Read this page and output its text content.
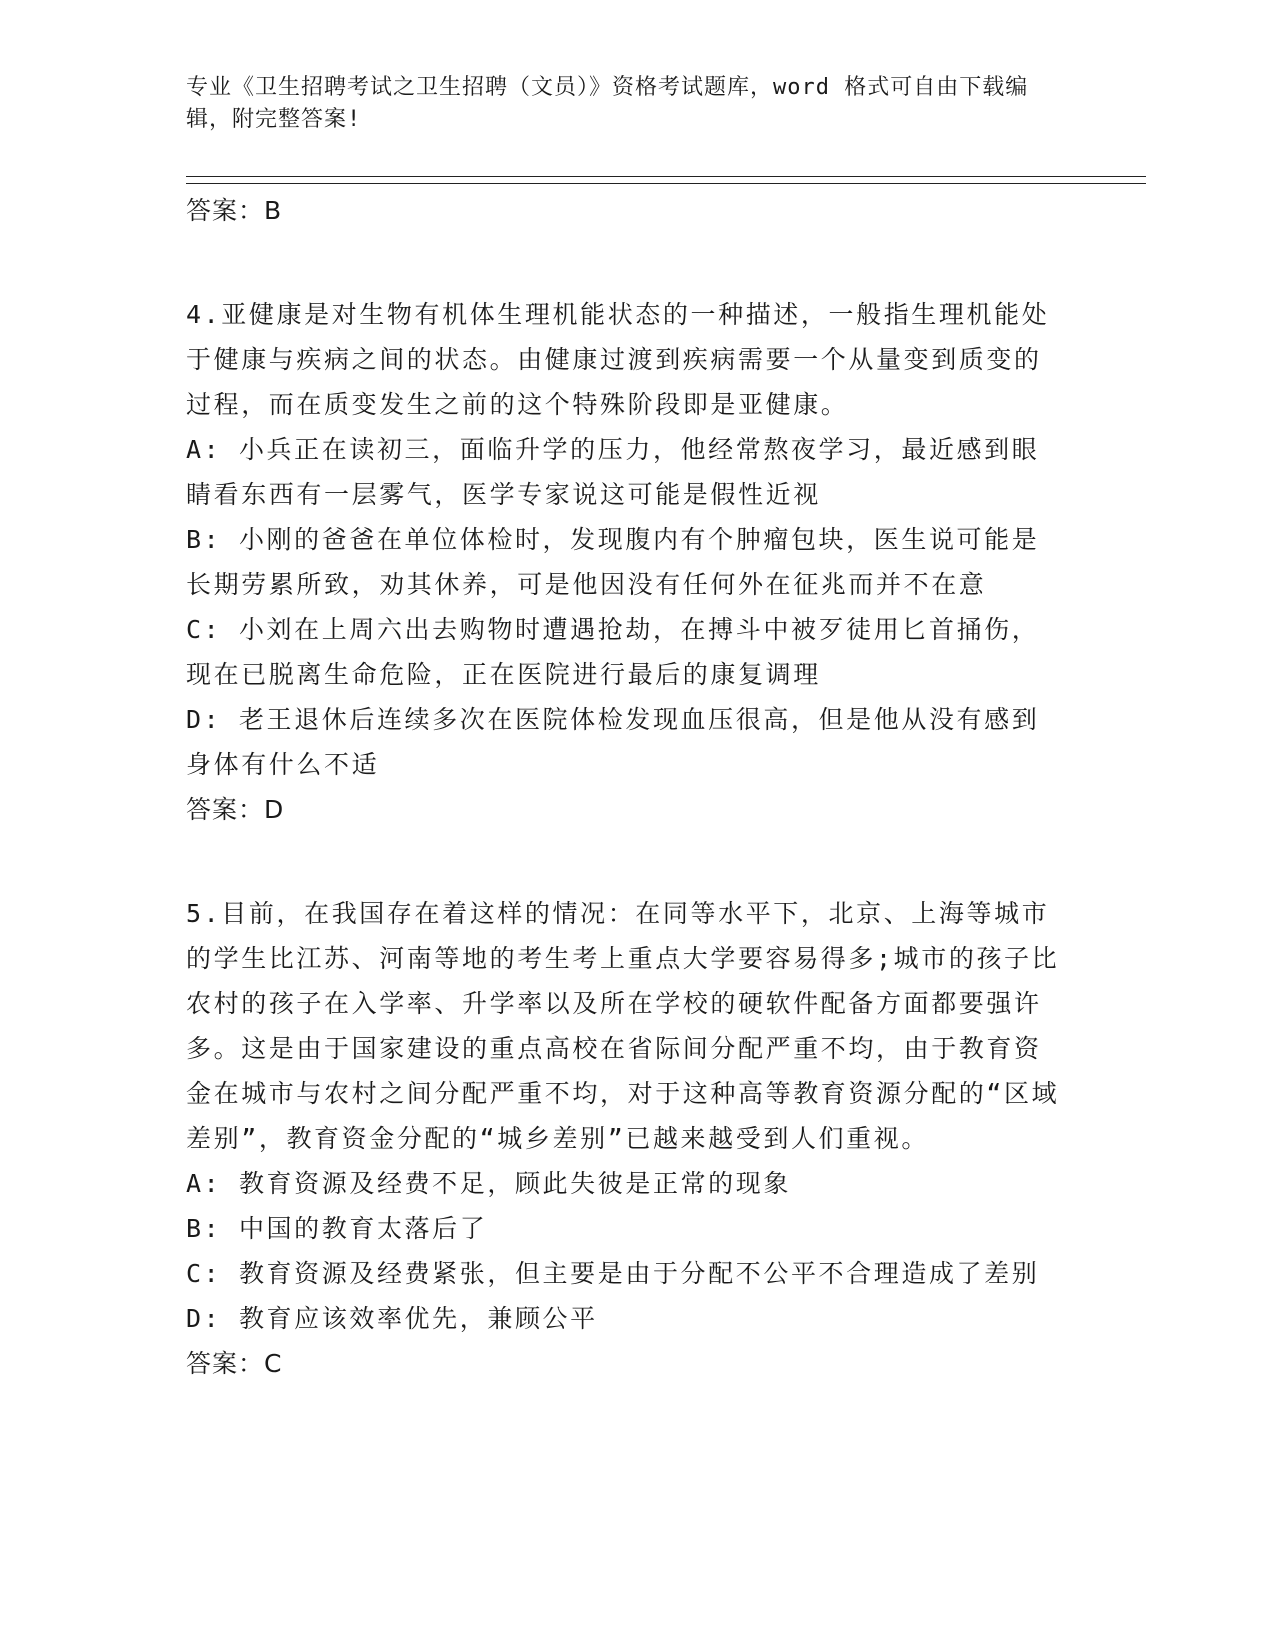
专业《卫生招聘考试之卫生招聘（文员）》资格考试题库，word 格式可自由下载编辑，附完整答案!

答案：B

4.亚健康是对生物有机体生理机能状态的一种描述，一般指生理机能处于健康与疾病之间的状态。由健康过渡到疾病需要一个从量变到质变的过程，而在质变发生之前的这个特殊阶段即是亚健康。

A: 小兵正在读初三，面临升学的压力，他经常熬夜学习，最近感到眼睛看东西有一层雾气，医学专家说这可能是假性近视

B: 小刚的爸爸在单位体检时，发现腹内有个肿瘤包块，医生说可能是长期劳累所致，劝其休养，可是他因没有任何外在征兆而并不在意

C: 小刘在上周六出去购物时遭遇抢劫，在搏斗中被歹徒用匕首捅伤，现在已脱离生命危险，正在医院进行最后的康复调理

D: 老王退休后连续多次在医院体检发现血压很高，但是他从没有感到身体有什么不适

答案：D

5.目前，在我国存在着这样的情况：在同等水平下，北京、上海等城市的学生比江苏、河南等地的考生考上重点大学要容易得多;城市的孩子比农村的孩子在入学率、升学率以及所在学校的硬软件配备方面都要强许多。这是由于国家建设的重点高校在省际间分配严重不均，由于教育资金在城市与农村之间分配严重不均，对于这种高等教育资源分配的“区域差别”，教育资金分配的“城乡差别”已越来越受到人们重视。

A: 教育资源及经费不足，顾此失彼是正常的现象

B: 中国的教育太落后了

C: 教育资源及经费紧张，但主要是由于分配不公平不合理造成了差别

D: 教育应该效率优先，兼顾公平

答案：C
